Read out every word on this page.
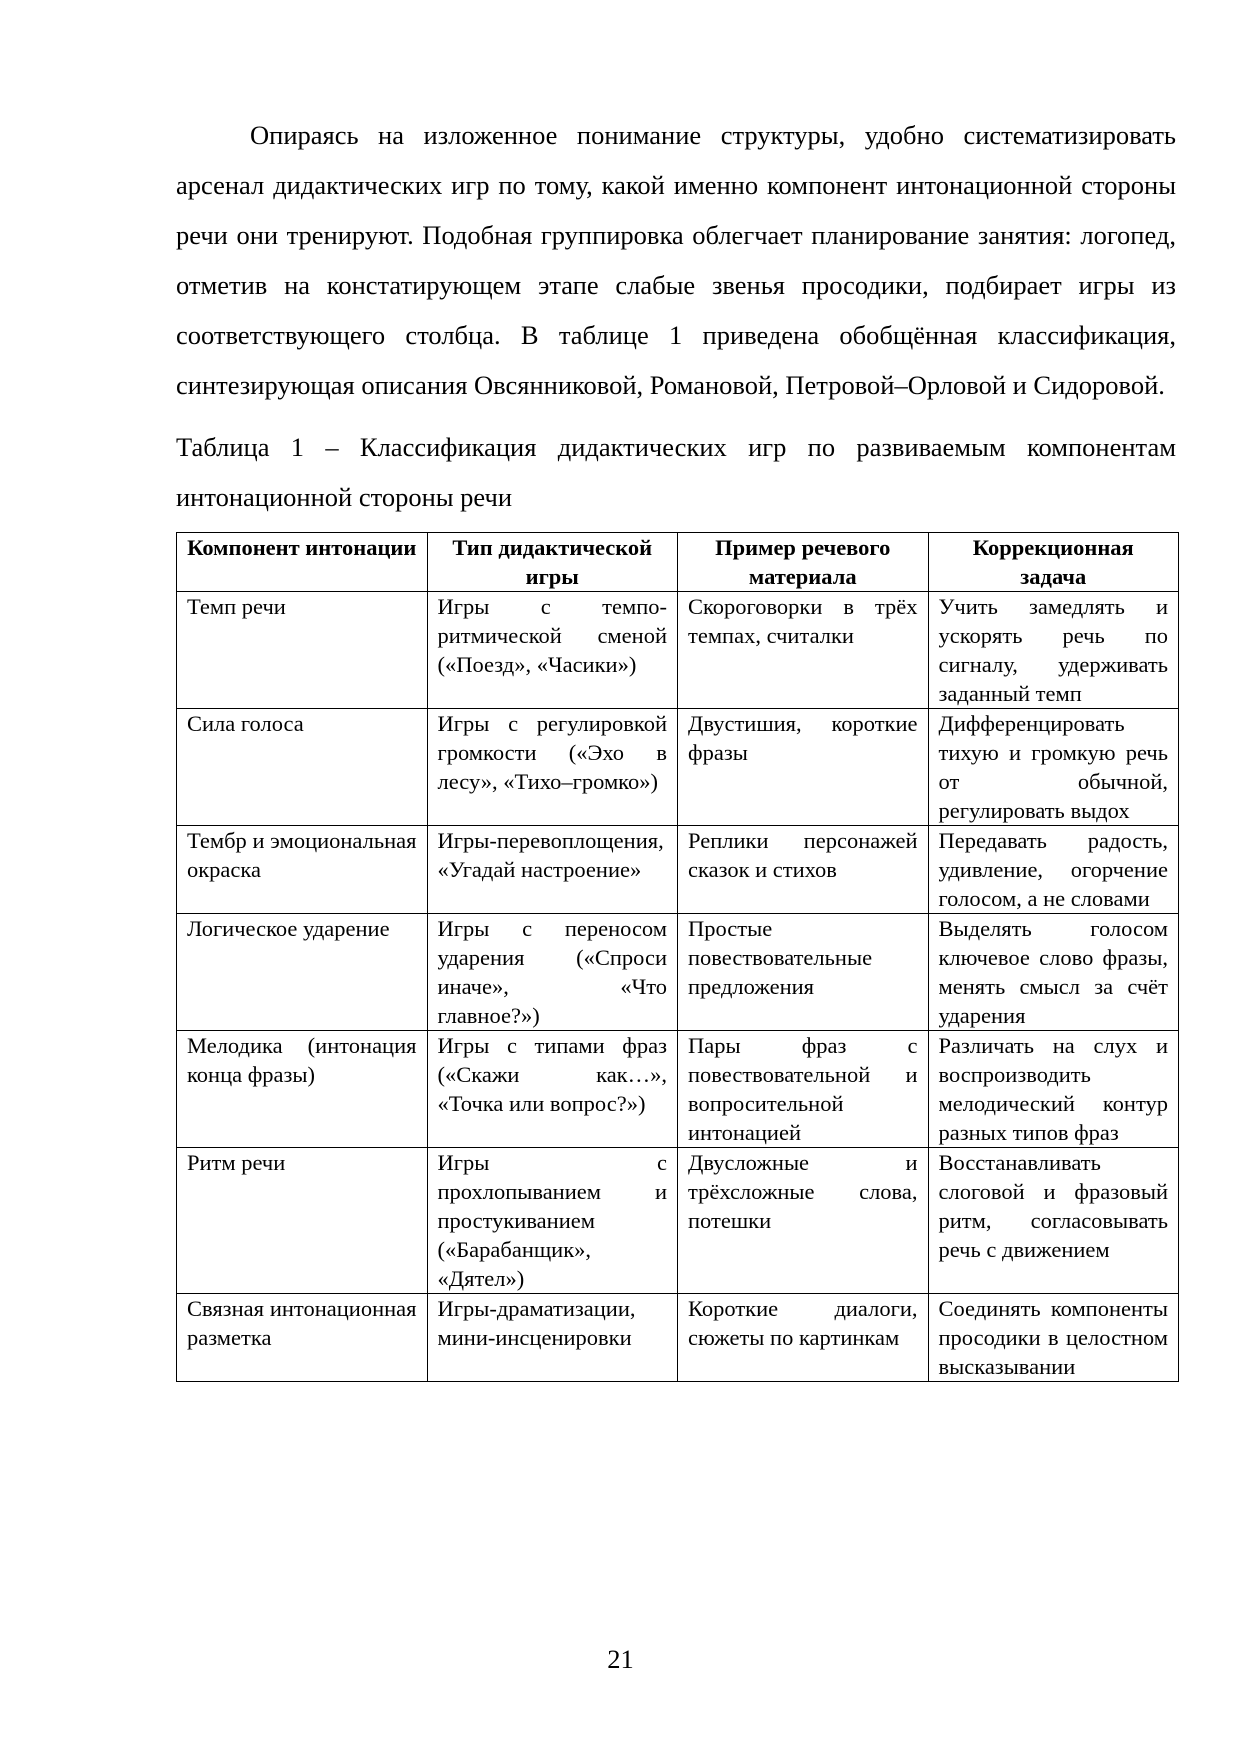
Опираясь на изложенное понимание структуры, удобно систематизировать арсенал дидактических игр по тому, какой именно компонент интонационной стороны речи они тренируют. Подобная группировка облегчает планирование занятия: логопед, отметив на констатирующем этапе слабые звенья просодики, подбирает игры из соответствующего столбца. В таблице 1 приведена обобщённая классификация, синтезирующая описания Овсянниковой, Романовой, Петровой–Орловой и Сидоровой.

Таблица 1 – Классификация дидактических игр по развиваемым компонентам интонационной стороны речи

Компонент интонации	Тип дидактической игры	Пример речевого материала	Коррекционная задача
Темп речи	Игры с темпо-ритмической сменой («Поезд», «Часики»)	Скороговорки в трёх темпах, считалки	Учить замедлять и ускорять речь по сигналу, удерживать заданный темп
Сила голоса	Игры с регулировкой громкости («Эхо в лесу», «Тихо–громко»)	Двустишия, короткие фразы	Дифференцировать тихую и громкую речь от обычной, регулировать выдох
Тембр и эмоциональная окраска	Игры-перевоплощения, «Угадай настроение»	Реплики персонажей сказок и стихов	Передавать радость, удивление, огорчение голосом, а не словами
Логическое ударение	Игры с переносом ударения («Спроси иначе», «Что главное?»)	Простые повествовательные предложения	Выделять голосом ключевое слово фразы, менять смысл за счёт ударения
Мелодика (интонация конца фразы)	Игры с типами фраз («Скажи как…», «Точка или вопрос?»)	Пары фраз с повествовательной и вопросительной интонацией	Различать на слух и воспроизводить мелодический контур разных типов фраз
Ритм речи	Игры с прохлопыванием и простукиванием («Барабанщик», «Дятел»)	Двусложные и трёхсложные слова, потешки	Восстанавливать слоговой и фразовый ритм, согласовывать речь с движением
Связная интонационная разметка	Игры-драматизации, мини-инсценировки	Короткие диалоги, сюжеты по картинкам	Соединять компоненты просодики в целостном высказывании
21
